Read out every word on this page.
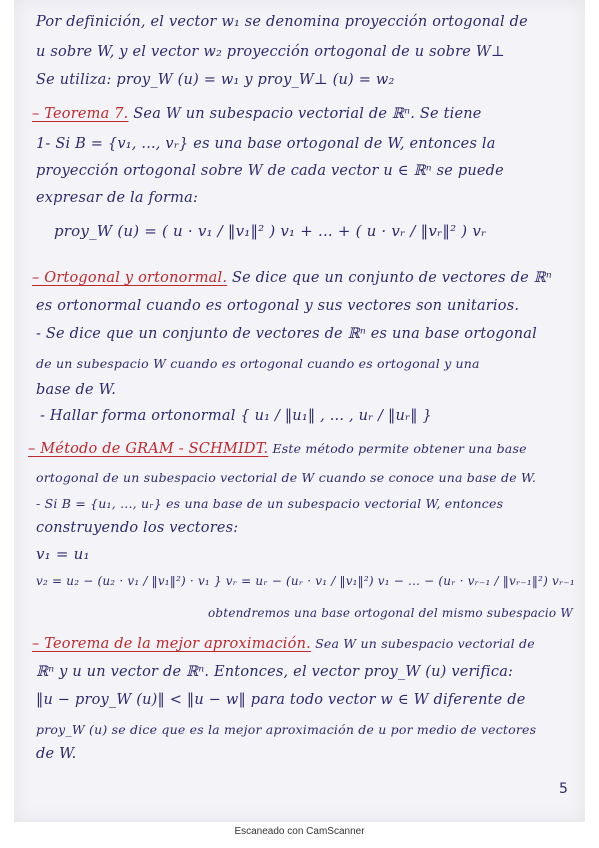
Por definición, el vector w₁ se denomina proyección ortogonal de
u sobre W, y el vector w₂ proyección ortogonal de u sobre W⊥
Se utiliza: proy_W (u) = w₁ y proy_W⊥ (u) = w₂
– Teorema 7. Sea W un subespacio vectorial de ℝⁿ. Se tiene
1- Si B = {v₁, ..., vᵣ} es una base ortogonal de W, entonces la
proyección ortogonal sobre W de cada vector u ∈ ℝⁿ se puede
expresar de la forma:
proy_W (u) = ( u · v₁ / ‖v₁‖² ) v₁ + ... + ( u · vᵣ / ‖vᵣ‖² ) vᵣ
– Ortogonal y ortonormal. Se dice que un conjunto de vectores de ℝⁿ
es ortonormal cuando es ortogonal y sus vectores son unitarios.
- Se dice que un conjunto de vectores de ℝⁿ es una base ortogonal
de un subespacio W cuando es ortogonal cuando es ortogonal y una
base de W.
- Hallar forma ortonormal { u₁ / ‖u₁‖ , ... , uᵣ / ‖uᵣ‖ }
– Método de GRAM - SCHMIDT. Este método permite obtener una base
ortogonal de un subespacio vectorial de W cuando se conoce una base de W.
- Si B = {u₁, ..., uᵣ} es una base de un subespacio vectorial W, entonces
construyendo los vectores:
v₁ = u₁
v₂ = u₂ − (u₂ · v₁ / ‖v₁‖²) · v₁ } vᵣ = uᵣ − (uᵣ · v₁ / ‖v₁‖²) v₁ − ... − (uᵣ · vᵣ₋₁ / ‖vᵣ₋₁‖²) vᵣ₋₁
obtendremos una base ortogonal del mismo subespacio W
– Teorema de la mejor aproximación. Sea W un subespacio vectorial de
ℝⁿ y u un vector de ℝⁿ. Entonces, el vector proy_W (u) verifica:
‖u − proy_W (u)‖ < ‖u − w‖ para todo vector w ∈ W diferente de
proy_W (u) se dice que es la mejor aproximación de u por medio de vectores
de W.
5
Escaneado con CamScanner
